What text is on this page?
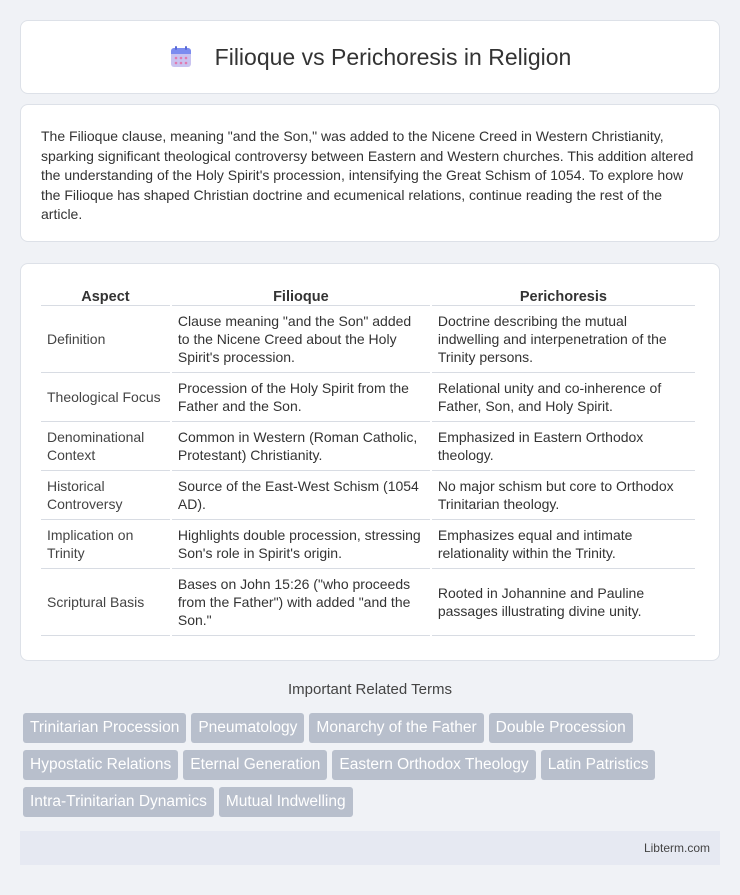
Filioque vs Perichoresis in Religion

The Filioque clause, meaning "and the Son," was added to the Nicene Creed in Western Christianity, sparking significant theological controversy between Eastern and Western churches. This addition altered the understanding of the Holy Spirit's procession, intensifying the Great Schism of 1054. To explore how the Filioque has shaped Christian doctrine and ecumenical relations, continue reading the rest of the article.

Aspect	Filioque	Perichoresis
Definition	Clause meaning "and the Son" added to the Nicene Creed about the Holy Spirit's procession.	Doctrine describing the mutual indwelling and interpenetration of the Trinity persons.
Theological Focus	Procession of the Holy Spirit from the Father and the Son.	Relational unity and co-inherence of Father, Son, and Holy Spirit.
Denominational Context	Common in Western (Roman Catholic, Protestant) Christianity.	Emphasized in Eastern Orthodox theology.
Historical Controversy	Source of the East-West Schism (1054 AD).	No major schism but core to Orthodox Trinitarian theology.
Implication on Trinity	Highlights double procession, stressing Son's role in Spirit's origin.	Emphasizes equal and intimate relationality within the Trinity.
Scriptural Basis	Bases on John 15:26 ("who proceeds from the Father") with added "and the Son."	Rooted in Johannine and Pauline passages illustrating divine unity.
Important Related Terms
Trinitarian Procession Pneumatology Monarchy of the Father Double Procession
Hypostatic Relations Eternal Generation Eastern Orthodox Theology Latin Patristics
Intra-Trinitarian Dynamics Mutual Indwelling
Libterm.com
